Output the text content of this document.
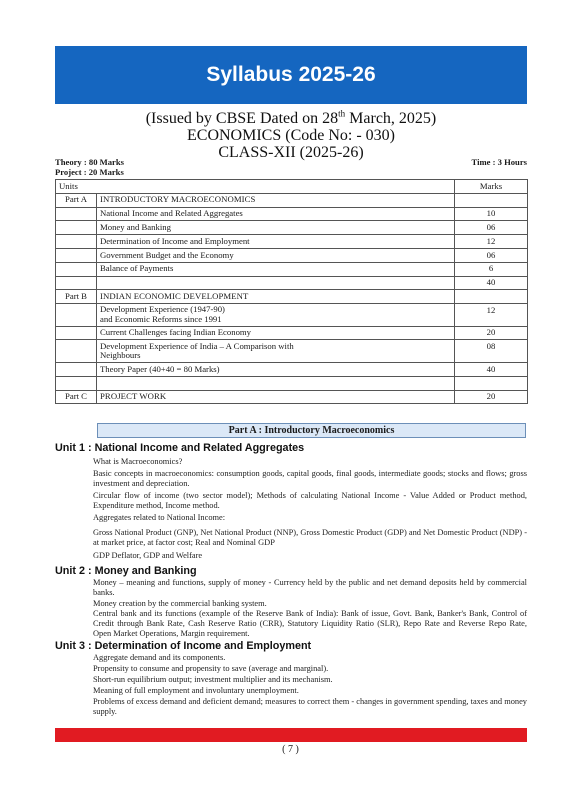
Syllabus 2025-26
(Issued by CBSE Dated on 28th March, 2025)
ECONOMICS (Code No: - 030)
CLASS-XII (2025-26)
Theory : 80 Marks
Project : 20 Marks
Time : 3 Hours
Units		Marks
Part A	INTRODUCTORY MACROECONOMICS	
	National Income and Related Aggregates	10
	Money and Banking	06
	Determination of Income and Employment	12
	Government Budget and the Economy	06
	Balance of Payments	6
		40
Part B	INDIAN ECONOMIC DEVELOPMENT	

	Development Experience (1947-90)
and Economic Reforms since 1991	12
	Current Challenges facing Indian Economy	20

	Development Experience of India – A Comparison with
Neighbours	08
	Theory Paper (40+40 = 80 Marks)	40

Part C	PROJECT WORK	20
Part A : Introductory Macroeconomics
Unit 1 : National Income and Related Aggregates
What is Macroeconomics?
Basic concepts in macroeconomics: consumption goods, capital goods, final goods, intermediate goods; stocks and flows; gross investment and depreciation.
Circular flow of income (two sector model); Methods of calculating National Income - Value Added or Product method, Expenditure method, Income method.
Aggregates related to National Income:
Gross National Product (GNP), Net National Product (NNP), Gross Domestic Product (GDP) and Net Domestic Product (NDP) - at market price, at factor cost; Real and Nominal GDP
GDP Deflator, GDP and Welfare
Unit 2 : Money and Banking
Money – meaning and functions, supply of money - Currency held by the public and net demand deposits held by commercial banks.
Money creation by the commercial banking system.
Central bank and its functions (example of the Reserve Bank of India): Bank of issue, Govt. Bank, Banker's Bank, Control of Credit through Bank Rate, Cash Reserve Ratio (CRR), Statutory Liquidity Ratio (SLR), Repo Rate and Reverse Repo Rate, Open Market Operations, Margin requirement.
Unit 3 : Determination of Income and Employment
Aggregate demand and its components.
Propensity to consume and propensity to save (average and marginal).
Short-run equilibrium output; investment multiplier and its mechanism.
Meaning of full employment and involuntary unemployment.
Problems of excess demand and deficient demand; measures to correct them - changes in government spending, taxes and money supply.
( 7 )
